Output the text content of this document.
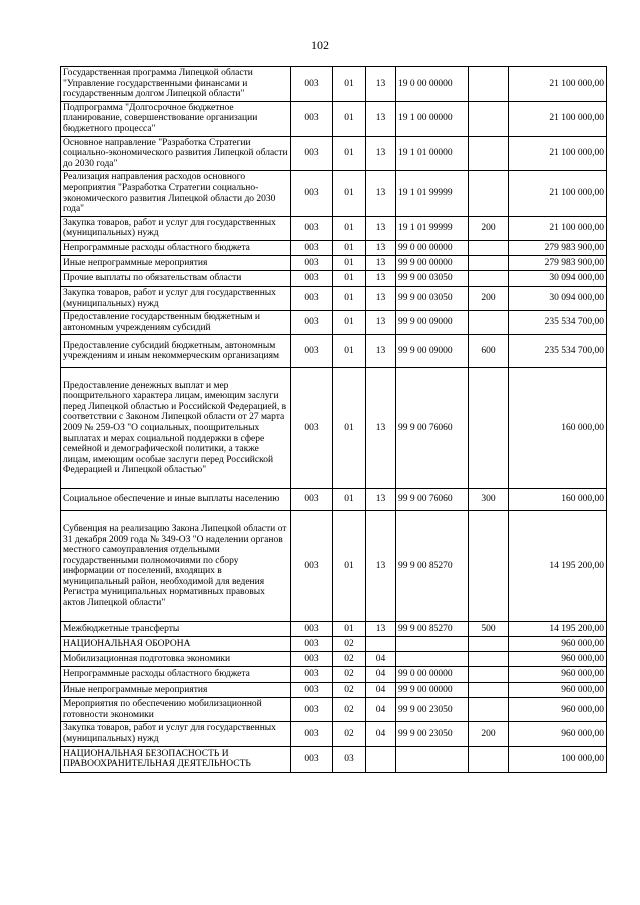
102
Государственная программа Липецкой области "Управление государственными финансами и государственным долгом Липецкой области"	003	01	13	19 0 00 00000		21 100 000,00
Подпрограмма "Долгосрочное бюджетное планирование, совершенствование организации бюджетного процесса"	003	01	13	19 1 00 00000		21 100 000,00
Основное направление "Разработка Стратегии социально-экономического развития Липецкой области до 2030 года"	003	01	13	19 1 01 00000		21 100 000,00
Реализация направления расходов основного мероприятия "Разработка Стратегии социально-экономического развития Липецкой области до 2030 года"	003	01	13	19 1 01 99999		21 100 000,00
Закупка товаров, работ и услуг для государственных (муниципальных) нужд	003	01	13	19 1 01 99999	200	21 100 000,00
Непрограммные расходы областного бюджета	003	01	13	99 0 00 00000		279 983 900,00
Иные непрограммные мероприятия	003	01	13	99 9 00 00000		279 983 900,00
Прочие выплаты по обязательствам области	003	01	13	99 9 00 03050		30 094 000,00
Закупка товаров, работ и услуг для государственных (муниципальных) нужд	003	01	13	99 9 00 03050	200	30 094 000,00
Предоставление государственным бюджетным и автономным учреждениям субсидий	003	01	13	99 9 00 09000		235 534 700,00
Предоставление субсидий бюджетным, автономным учреждениям и иным некоммерческим организациям	003	01	13	99 9 00 09000	600	235 534 700,00
Предоставление денежных выплат и мер поощрительного характера лицам, имеющим заслуги перед Липецкой областью и Российской Федерацией, в соответствии с Законом Липецкой области от 27 марта 2009 № 259-ОЗ "О социальных, поощрительных выплатах и мерах социальной поддержки в сфере семейной и демографической политики, а также лицам, имеющим особые заслуги перед Российской Федерацией и Липецкой областью"	003	01	13	99 9 00 76060		160 000,00
Социальное обеспечение и иные выплаты населению	003	01	13	99 9 00 76060	300	160 000,00
Субвенция на реализацию Закона Липецкой области от 31 декабря 2009 года № 349-ОЗ "О наделении органов местного самоуправления отдельными государственными полномочиями по сбору информации от поселений, входящих в муниципальный район, необходимой для ведения Регистра муниципальных нормативных правовых актов Липецкой области"	003	01	13	99 9 00 85270		14 195 200,00
Межбюджетные трансферты	003	01	13	99 9 00 85270	500	14 195 200,00
НАЦИОНАЛЬНАЯ ОБОРОНА	003	02				960 000,00
Мобилизационная подготовка экономики	003	02	04			960 000,00
Непрограммные расходы областного бюджета	003	02	04	99 0 00 00000		960 000,00
Иные непрограммные мероприятия	003	02	04	99 9 00 00000		960 000,00
Мероприятия по обеспечению мобилизационной готовности экономики	003	02	04	99 9 00 23050		960 000,00
Закупка товаров, работ и услуг для государственных (муниципальных) нужд	003	02	04	99 9 00 23050	200	960 000,00
НАЦИОНАЛЬНАЯ БЕЗОПАСНОСТЬ И ПРАВООХРАНИТЕЛЬНАЯ ДЕЯТЕЛЬНОСТЬ	003	03				100 000,00
